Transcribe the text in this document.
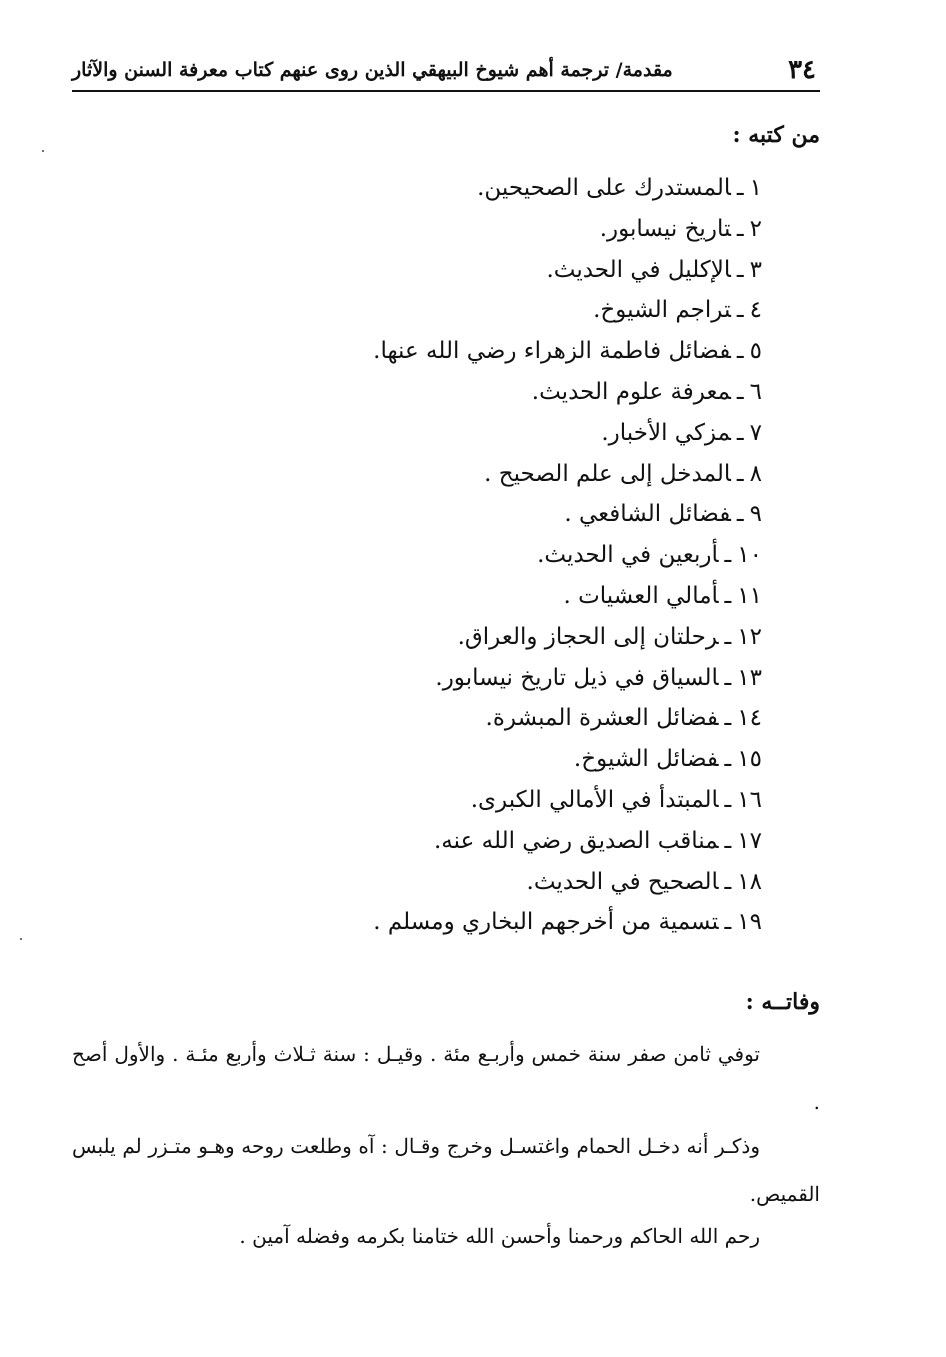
٣٤
مقدمة/ ترجمة أهم شيوخ البيهقي الذين روى عنهم كتاب معرفة السنن والآثار
من كتبه :
١ـالمستدرك على الصحيحين.
٢ـتاريخ نيسابور.
٣ـالإكليل في الحديث.
٤ـتراجم الشيوخ.
٥ـفضائل فاطمة الزهراء رضي الله عنها.
٦ـمعرفة علوم الحديث.
٧ـمزكي الأخبار.
٨ـالمدخل إلى علم الصحيح .
٩ـفضائل الشافعي .
١٠ـأربعين في الحديث.
١١ـأمالي العشيات .
١٢ـرحلتان إلى الحجاز والعراق.
١٣ـالسياق في ذيل تاريخ نيسابور.
١٤ـفضائل العشرة المبشرة.
١٥ـفضائل الشيوخ.
١٦ـالمبتدأ في الأمالي الكبرى.
١٧ـمناقب الصديق رضي الله عنه.
١٨ـالصحيح في الحديث.
١٩ـتسمية من أخرجهم البخاري ومسلم .
وفاتــه :

توفي ثامن صفر سنة خمس وأربـع مئة . وقيـل : سنة ثـلاث وأربع مئـة . والأول أصح .

وذكـر أنه دخـل الحمام واغتسـل وخرج وقـال : آه وطلعت روحه وهـو متـزر لم يلبس القميص.

رحم الله الحاكم ورحمنا وأحسن الله ختامنا بكرمه وفضله آمين .
